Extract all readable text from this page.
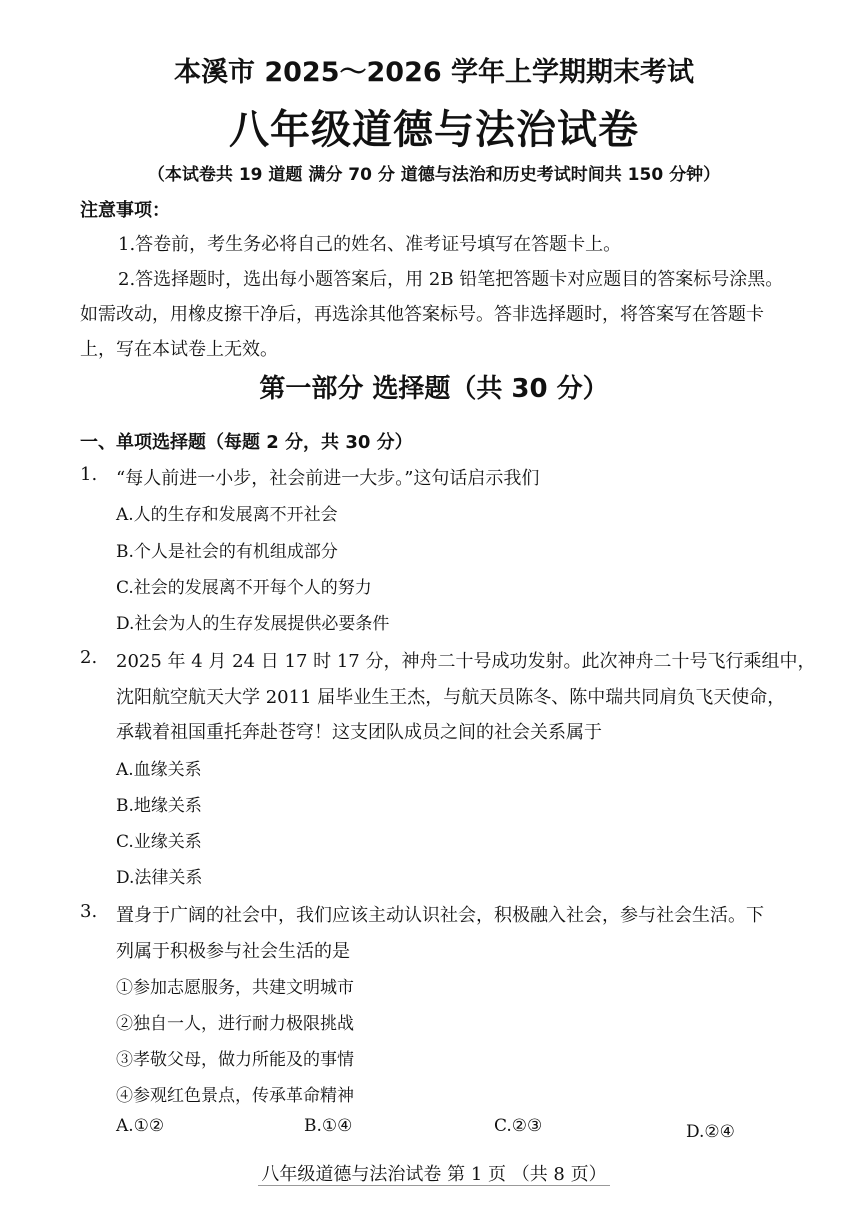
本溪市 2025～2026 学年上学期期末考试
八年级道德与法治试卷
（本试卷共 19 道题 满分 70 分 道德与法治和历史考试时间共 150 分钟）
注意事项：
1.答卷前，考生务必将自己的姓名、准考证号填写在答题卡上。
2.答选择题时，选出每小题答案后，用 2B 铅笔把答题卡对应题目的答案标号涂黑。
如需改动，用橡皮擦干净后，再选涂其他答案标号。答非选择题时，将答案写在答题卡
上，写在本试卷上无效。
第一部分 选择题（共 30 分）
一、单项选择题（每题 2 分，共 30 分）
1. “每人前进一小步，社会前进一大步。”这句话启示我们
A.人的生存和发展离不开社会
B.个人是社会的有机组成部分
C.社会的发展离不开每个人的努力
D.社会为人的生存发展提供必要条件
2. 2025 年 4 月 24 日 17 时 17 分，神舟二十号成功发射。此次神舟二十号飞行乘组中，
沈阳航空航天大学 2011 届毕业生王杰，与航天员陈冬、陈中瑞共同肩负飞天使命，
承载着祖国重托奔赴苍穹！这支团队成员之间的社会关系属于
A.血缘关系
B.地缘关系
C.业缘关系
D.法律关系
3. 置身于广阔的社会中，我们应该主动认识社会，积极融入社会，参与社会生活。下
列属于积极参与社会生活的是
①参加志愿服务，共建文明城市
②独自一人，进行耐力极限挑战
③孝敬父母，做力所能及的事情
④参观红色景点，传承革命精神
A.①②	B.①④	C.②③	D.②④
八年级道德与法治试卷 第 1 页 （共 8 页）
